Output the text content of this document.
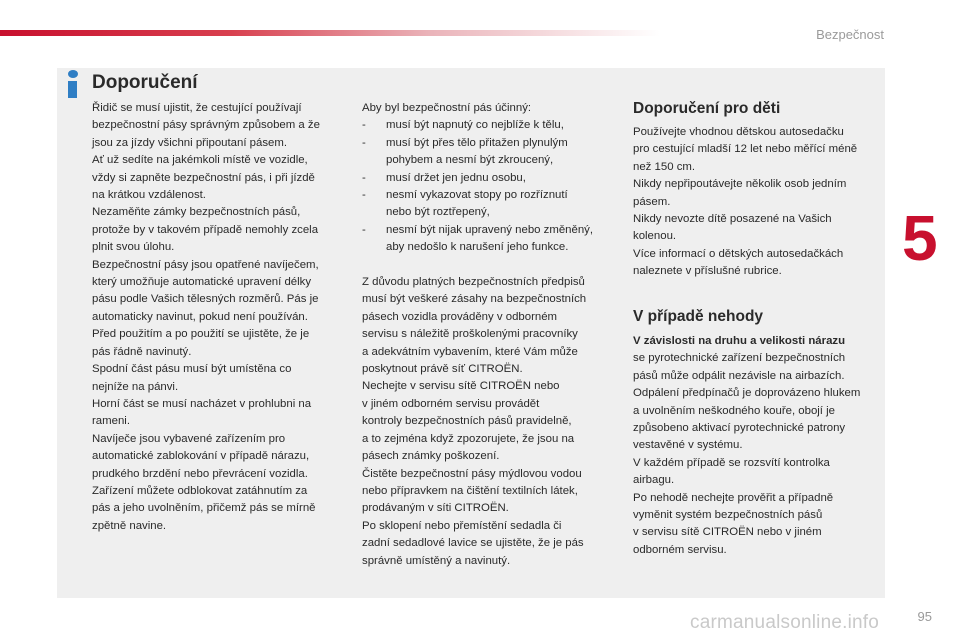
Bezpečnost
5
95
carmanualsonline.info
Doporučení

Řidič se musí ujistit, že cestující používají

bezpečnostní pásy správným způsobem a že

jsou za jízdy všichni připoutaní pásem.

Ať už sedíte na jakémkoli místě ve vozidle,

vždy si zapněte bezpečnostní pás, i při jízdě

na krátkou vzdálenost.

Nezaměňte zámky bezpečnostních pásů,

protože by v takovém případě nemohly zcela

plnit svou úlohu.

Bezpečnostní pásy jsou opatřené navíječem,

který umožňuje automatické upravení délky

pásu podle Vašich tělesných rozměrů. Pás je

automaticky navinut, pokud není používán.

Před použitím a po použití se ujistěte, že je

pás řádně navinutý.

Spodní část pásu musí být umístěna co

nejníže na pánvi.

Horní část se musí nacházet v prohlubni na

rameni.

Navíječe jsou vybavené zařízením pro

automatické zablokování v případě nárazu,

prudkého brzdění nebo převrácení vozidla.

Zařízení můžete odblokovat zatáhnutím za

pás a jeho uvolněním, přičemž pás se mírně

zpětně navine.

Aby byl bezpečnostní pás účinný:

- musí být napnutý co nejblíže k tělu,
- musí být přes tělo přitažen plynulým
pohybem a nesmí být zkroucený,
- musí držet jen jednu osobu,
- nesmí vykazovat stopy po rozříznutí
nebo být roztřepený,
- nesmí být nijak upravený nebo změněný,
aby nedošlo k narušení jeho funkce.

Z důvodu platných bezpečnostních předpisů

musí být veškeré zásahy na bezpečnostních

pásech vozidla prováděny v odborném

servisu s náležitě proškolenými pracovníky

a adekvátním vybavením, které Vám může

poskytnout právě síť CITROËN.

Nechejte v servisu sítě CITROËN nebo

v jiném odborném servisu provádět

kontroly bezpečnostních pásů pravidelně,

a to zejména když zpozorujete, že jsou na

pásech známky poškození.

Čistěte bezpečnostní pásy mýdlovou vodou

nebo přípravkem na čištění textilních látek,

prodávaným v síti CITROËN.

Po sklopení nebo přemístění sedadla či

zadní sedadlové lavice se ujistěte, že je pás

správně umístěný a navinutý.

Doporučení pro děti

Používejte vhodnou dětskou autosedačku

pro cestující mladší 12 let nebo měřící méně

než 150 cm.

Nikdy nepřipoutávejte několik osob jedním

pásem.

Nikdy nevozte dítě posazené na Vašich

kolenou.

Více informací o dětských autosedačkách

naleznete v příslušné rubrice.

V případě nehody

V závislosti na druhu a velikosti nárazu

se pyrotechnické zařízení bezpečnostních

pásů může odpálit nezávisle na airbazích.

Odpálení předpínačů je doprovázeno hlukem

a uvolněním neškodného kouře, obojí je

způsobeno aktivací pyrotechnické patrony

vestavěné v systému.

V každém případě se rozsvítí kontrolka

airbagu.

Po nehodě nechejte prověřit a případně

vyměnit systém bezpečnostních pásů

v servisu sítě CITROËN nebo v jiném

odborném servisu.
